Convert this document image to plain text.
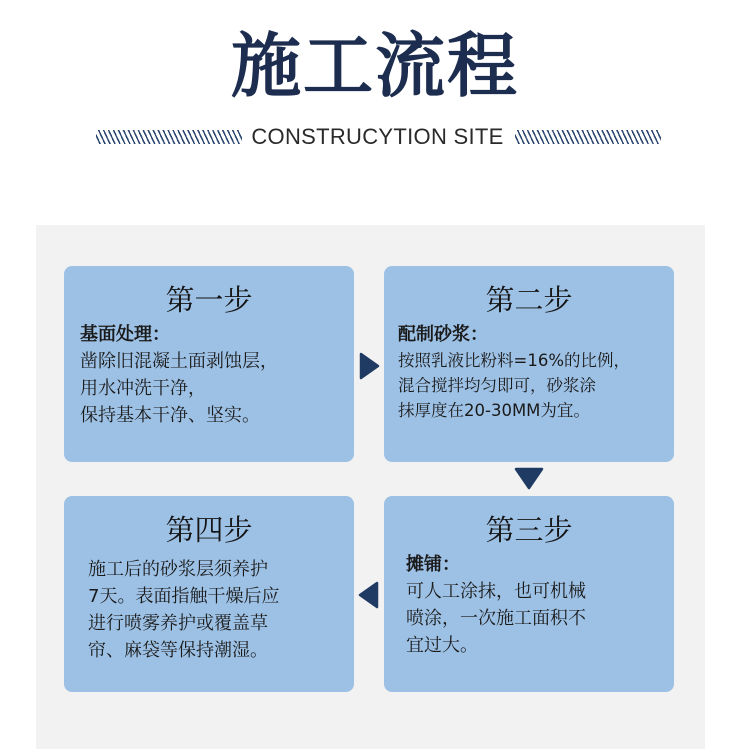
施工流程
CONSTRUCYTION SITE
第一步
基面处理：
凿除旧混凝土面剥蚀层，
用水冲洗干净，
保持基本干净、坚实。
第二步
配制砂浆：
按照乳液比粉料=16%的比例，
混合搅拌均匀即可，砂浆涂
抹厚度在20-30MM为宜。
第三步
摊铺：
可人工涂抹，也可机械
喷涂，一次施工面积不
宜过大。
第四步
施工后的砂浆层须养护
7天。表面指触干燥后应
进行喷雾养护或覆盖草
帘、麻袋等保持潮湿。
